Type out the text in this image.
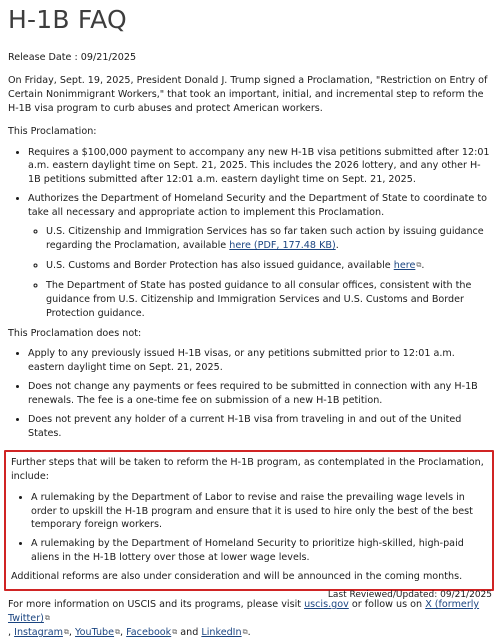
H-1B FAQ

Release Date : 09/21/2025

On Friday, Sept. 19, 2025, President Donald J. Trump signed a Proclamation, "Restriction on Entry of Certain Nonimmigrant Workers," that took an important, initial, and incremental step to reform the H-1B visa program to curb abuses and protect American workers.

This Proclamation:

• Requires a $100,000 payment to accompany any new H-1B visa petitions submitted after 12:01 a.m. eastern daylight time on Sept. 21, 2025. This includes the 2026 lottery, and any other H-1B petitions submitted after 12:01 a.m. eastern daylight time on Sept. 21, 2025.
• Authorizes the Department of Homeland Security and the Department of State to coordinate to take all necessary and appropriate action to implement this Proclamation.
◦ U.S. Citizenship and Immigration Services has so far taken such action by issuing guidance regarding the Proclamation, available here (PDF, 177.48 KB).
◦ U.S. Customs and Border Protection has also issued guidance, available here⧉.
◦ The Department of State has posted guidance to all consular offices, consistent with the guidance from U.S. Citizenship and Immigration Services and U.S. Customs and Border Protection guidance.

This Proclamation does not:

• Apply to any previously issued H-1B visas, or any petitions submitted prior to 12:01 a.m. eastern daylight time on Sept. 21, 2025.
• Does not change any payments or fees required to be submitted in connection with any H-1B renewals. The fee is a one-time fee on submission of a new H-1B petition.
• Does not prevent any holder of a current H-1B visa from traveling in and out of the United States.

Further steps that will be taken to reform the H-1B program, as contemplated in the Proclamation, include:

• A rulemaking by the Department of Labor to revise and raise the prevailing wage levels in order to upskill the H-1B program and ensure that it is used to hire only the best of the best temporary foreign workers.
• A rulemaking by the Department of Homeland Security to prioritize high-skilled, high-paid aliens in the H-1B lottery over those at lower wage levels.

Additional reforms are also under consideration and will be announced in the coming months.

For more information on USCIS and its programs, please visit uscis.gov or follow us on X (formerly Twitter)⧉
, Instagram⧉, YouTube⧉, Facebook⧉ and LinkedIn⧉.

Last Reviewed/Updated: 09/21/2025
